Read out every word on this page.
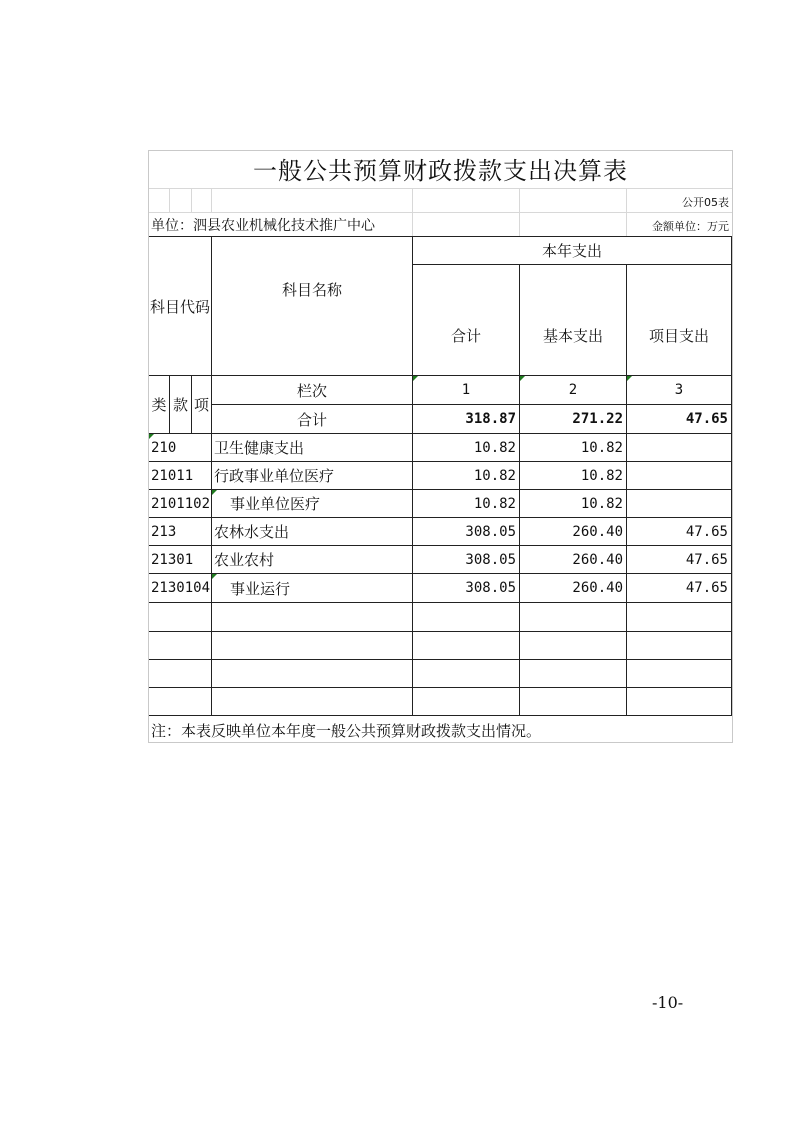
一般公共预算财政拨款支出决算表
公开05表
单位：泗县农业机械化技术推广中心	金额单位：万元
科目代码
科目名称
本年支出
合计	基本支出	项目支出
类 款 项
栏次	1	2	3
合计	318.87	271.22	47.65
210	卫生健康支出	10.82	10.82
21011	行政事业单位医疗	10.82	10.82
2101102	事业单位医疗	10.82	10.82
213	农林水支出	308.05	260.40	47.65
21301	农业农村	308.05	260.40	47.65
2130104	事业运行	308.05	260.40	47.65
注：本表反映单位本年度一般公共预算财政拨款支出情况。
-10-
